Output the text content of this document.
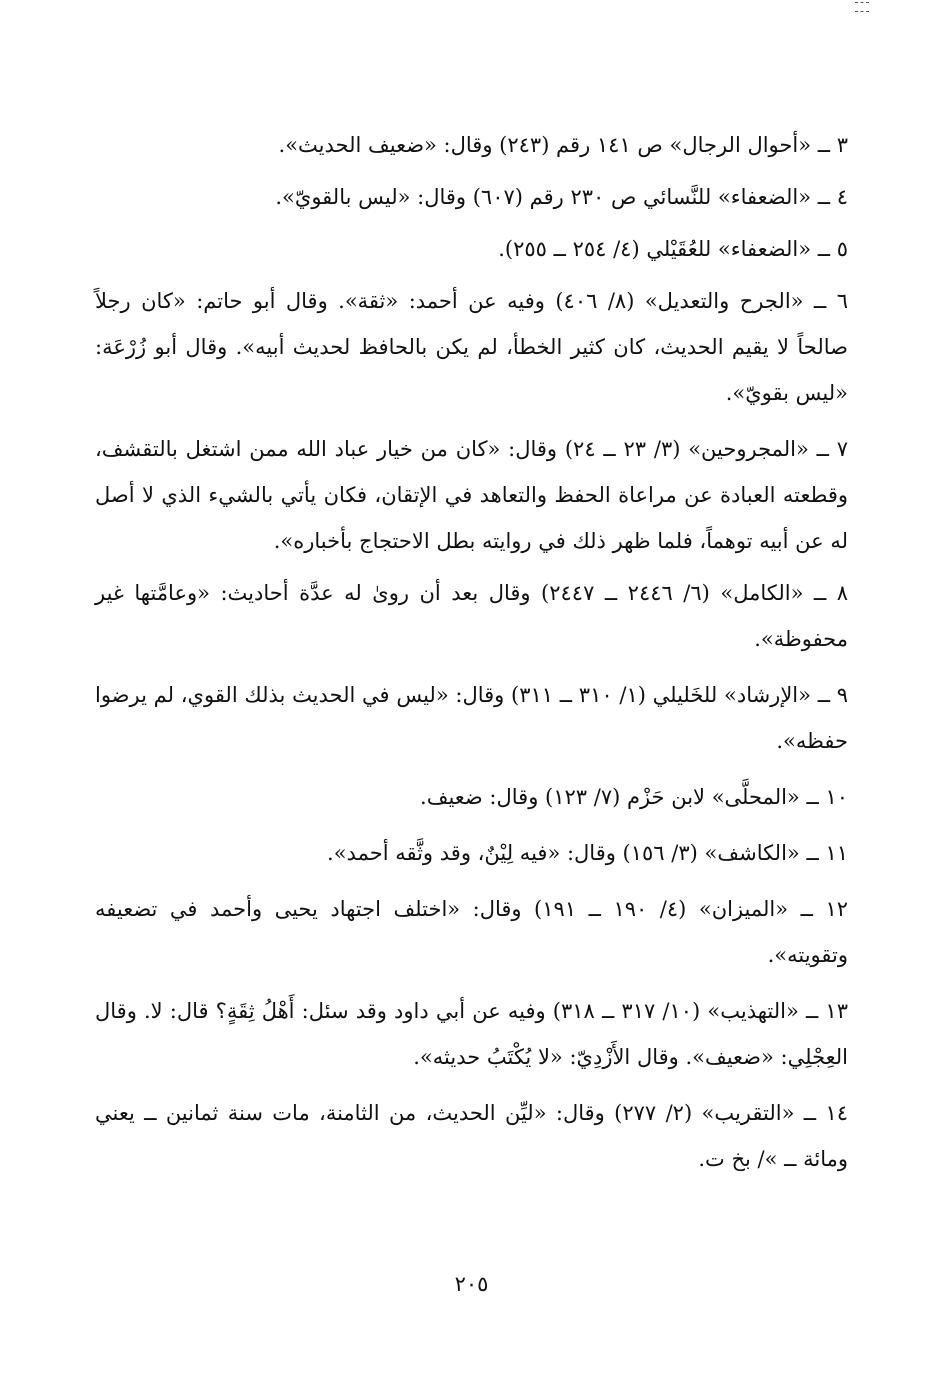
٣ ــ «أحوال الرجال» ص ١٤١ رقم (٢٤٣) وقال: «ضعيف الحديث».

٤ ــ «الضعفاء» للنَّسائي ص ٢٣٠ رقم (٦٠٧) وقال: «ليس بالقويّ».

٥ ــ «الضعفاء» للعُقَيْلي (٤/ ٢٥٤ ــ ٢٥٥).

٦ ــ «الجرح والتعديل» (٨/ ٤٠٦) وفيه عن أحمد: «ثقة». وقال أبو حاتم: «كان رجلاً صالحاً لا يقيم الحديث، كان كثير الخطأ، لم يكن بالحافظ لحديث أبيه». وقال أبو زُرْعَة: «ليس بقويّ».

٧ ــ «المجروحين» (٣/ ٢٣ ــ ٢٤) وقال: «كان من خيار عباد الله ممن اشتغل بالتقشف، وقطعته العبادة عن مراعاة الحفظ والتعاهد في الإتقان، فكان يأتي بالشيء الذي لا أصل له عن أبيه توهماً، فلما ظهر ذلك في روايته بطل الاحتجاج بأخباره».

٨ ــ «الكامل» (٦/ ٢٤٤٦ ــ ٢٤٤٧) وقال بعد أن روىٰ له عدَّة أحاديث: «وعامَّتها غير محفوظة».

٩ ــ «الإرشاد» للخَليلي (١/ ٣١٠ ــ ٣١١) وقال: «ليس في الحديث بذلك القوي، لم يرضوا حفظه».

١٠ ــ «المحلَّى» لابن حَزْم (٧/ ١٢٣) وقال: ضعيف.

١١ ــ «الكاشف» (٣/ ١٥٦) وقال: «فيه لِيْنٌ، وقد وثَّقه أحمد».

١٢ ــ «الميزان» (٤/ ١٩٠ ــ ١٩١) وقال: «اختلف اجتهاد يحيى وأحمد في تضعيفه وتقويته».

١٣ ــ «التهذيب» (١٠/ ٣١٧ ــ ٣١٨) وفيه عن أبي داود وقد سئل: أَهْلُ ثِقَةٍ؟ قال: لا. وقال العِجْلِي: «ضعيف». وقال الأَزْدِيّ: «لا يُكْتَبُ حديثه».

١٤ ــ «التقريب» (٢/ ٢٧٧) وقال: «ليِّن الحديث، من الثامنة، مات سنة ثمانين ــ يعني ومائة ــ »/ بخ ت.

٢٠٥
